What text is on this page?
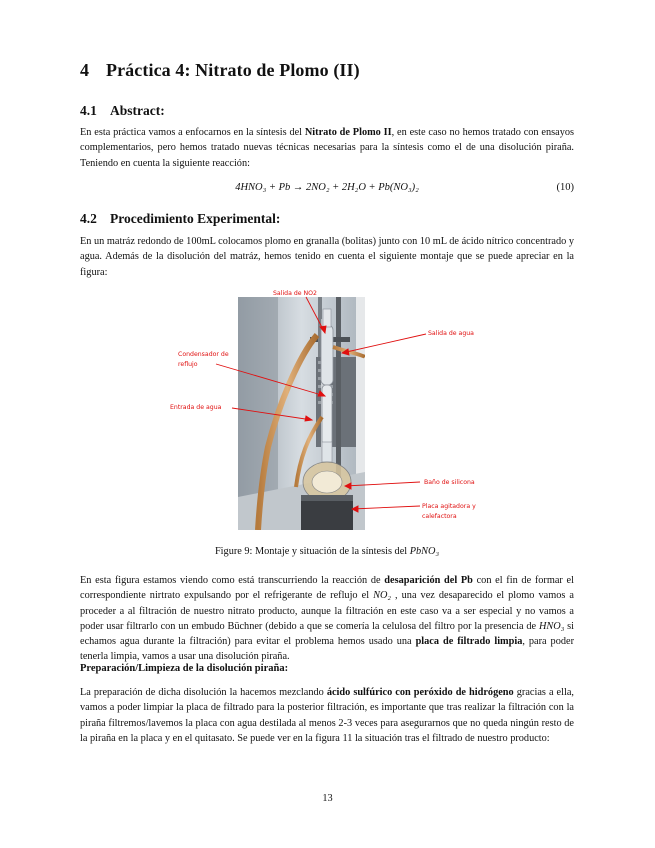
4 Práctica 4: Nitrato de Plomo (II)
4.1 Abstract:

En esta práctica vamos a enfocarnos en la síntesis del Nitrato de Plomo II, en este caso no hemos tratado con ensayos complementarios, pero hemos tratado nuevas técnicas necesarias para la síntesis como el de una disolución piraña. Teniendo en cuenta la siguiente reacción:

4HNO₃ + Pb → 2NO₂ + 2H₂O + Pb(NO₃)₂	(10)
4.2 Procedimiento Experimental:

En un matráz redondo de 100mL colocamos plomo en granalla (bolitas) junto con 10 mL de ácido nítrico concentrado y agua. Además de la disolución del matráz, hemos tenido en cuenta el siguiente montaje que se puede apreciar en la figura:

Salida de NO2
Salida de agua
Condensador de
reflujo
Entrada de agua
Baño de silicona
Placa agitadora y
calefactora
Figure 9: Montaje y situación de la síntesis del PbNO₃

En esta figura estamos viendo como está transcurriendo la reacción de desaparición del Pb con el fin de formar el correspondiente nirtrato expulsando por el refrigerante de reflujo el NO₂ , una vez desaparecido el plomo vamos a proceder a al filtración de nuestro nitrato producto, aunque la filtración en este caso va a ser especial y no vamos a poder usar filtrarlo con un embudo Büchner (debido a que se comería la celulosa del filtro por la presencia de HNO₃ si echamos agua durante la filtración) para evitar el problema hemos usado una placa de filtrado limpia, para poder tenerla limpia, vamos a usar una disolución piraña.

Preparación/Limpieza de la disolución piraña:

La preparación de dicha disolución la hacemos mezclando ácido sulfúrico con peróxido de hidrógeno gracias a ella, vamos a poder limpiar la placa de filtrado para la posterior filtración, es importante que tras realizar la filtración con la piraña filtremos/lavemos la placa con agua destilada al menos 2-3 veces para asegurarnos que no queda ningún resto de la piraña en la placa y en el quitasato. Se puede ver en la figura 11 la situación tras el filtrado de nuestro producto:

13
